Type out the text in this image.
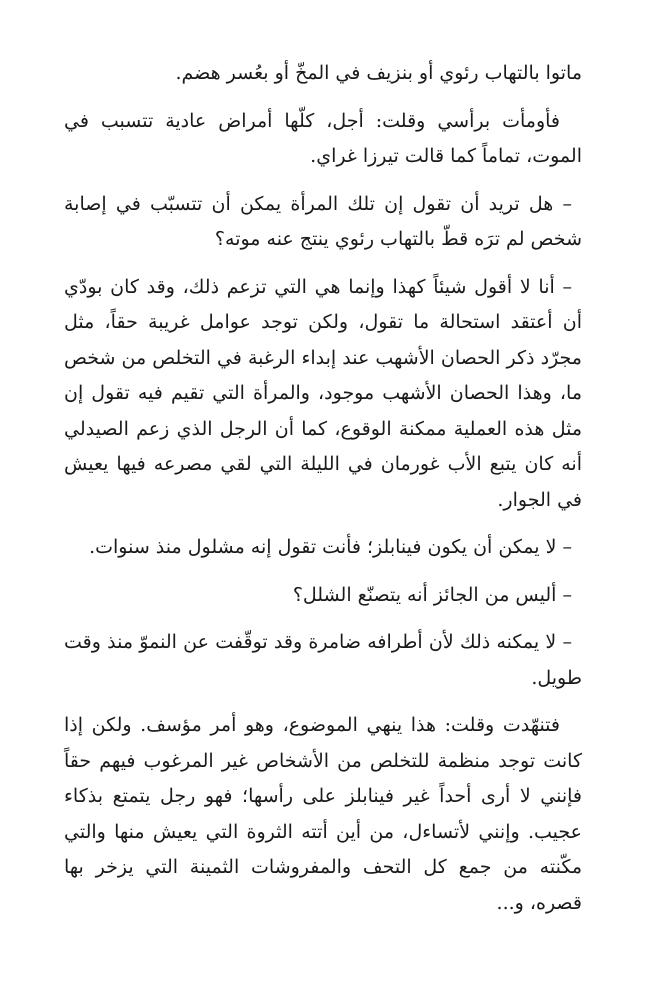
ماتوا بالتهاب رئوي أو بنزيف في المخّ أو بعُسر هضم.

فأومأت برأسي وقلت: أجل، كلّها أمراض عادية تتسبب في الموت، تماماً كما قالت تيرزا غراي.

– هل تريد أن تقول إن تلك المرأة يمكن أن تتسبّب في إصابة شخص لم ترَه قطّ بالتهاب رئوي ينتج عنه موته؟

– أنا لا أقول شيئاً كهذا وإنما هي التي تزعم ذلك، وقد كان بودّي أن أعتقد استحالة ما تقول، ولكن توجد عوامل غريبة حقاً، مثل مجرّد ذكر الحصان الأشهب عند إبداء الرغبة في التخلص من شخص ما، وهذا الحصان الأشهب موجود، والمرأة التي تقيم فيه تقول إن مثل هذه العملية ممكنة الوقوع، كما أن الرجل الذي زعم الصيدلي أنه كان يتبع الأب غورمان في الليلة التي لقي مصرعه فيها يعيش في الجوار.

– لا يمكن أن يكون فينابلز؛ فأنت تقول إنه مشلول منذ سنوات.

– أليس من الجائز أنه يتصنّع الشلل؟

– لا يمكنه ذلك لأن أطرافه ضامرة وقد توقّفت عن النموّ منذ وقت طويل.

فتنهّدت وقلت: هذا ينهي الموضوع، وهو أمر مؤسف. ولكن إذا كانت توجد منظمة للتخلص من الأشخاص غير المرغوب فيهم حقاً فإنني لا أرى أحداً غير فينابلز على رأسها؛ فهو رجل يتمتع بذكاء عجيب. وإنني لأتساءل، من أين أتته الثروة التي يعيش منها والتي مكّنته من جمع كل التحف والمفروشات الثمينة التي يزخر بها قصره، و...
